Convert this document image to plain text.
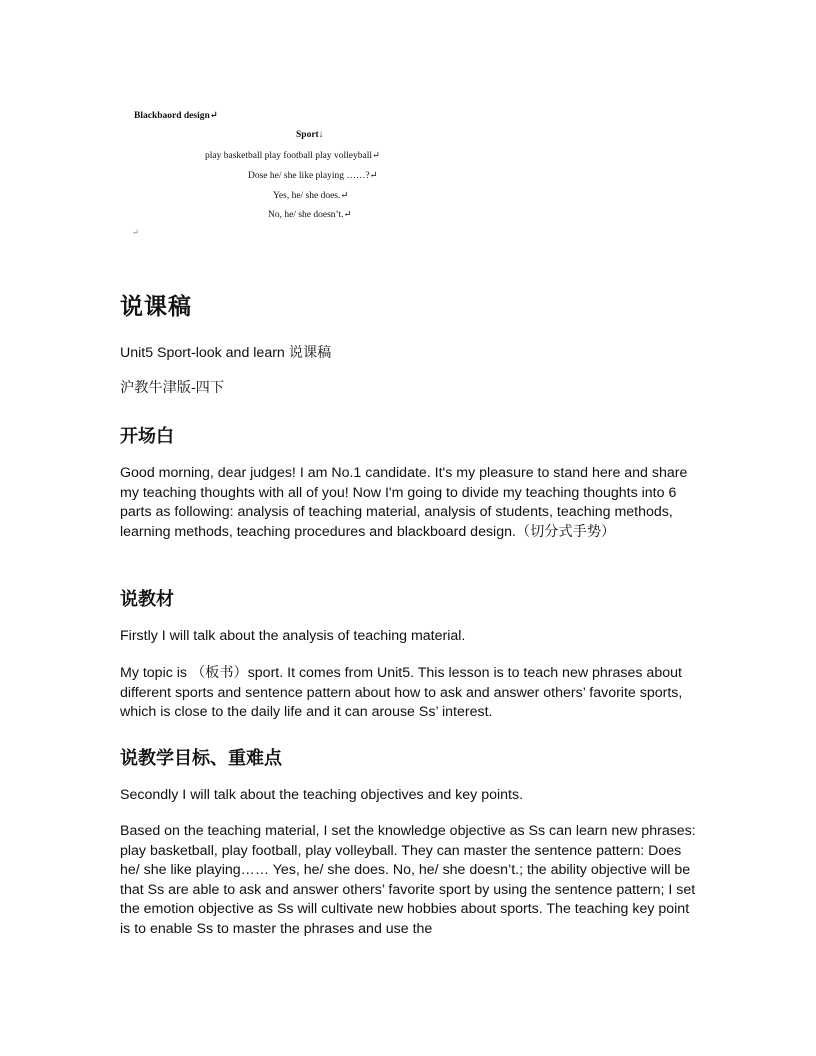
Blackbaord design↵
Sport↓
play basketball play football play volleyball↵
Dose he/ she like playing ……?↵
Yes, he/ she does.↵
No, he/ she doesn’t.↵
↵
说课稿
Unit5 Sport-look and learn 说课稿
沪教牛津版-四下
开场白
Good morning, dear judges! I am No.1 candidate. It's my pleasure to stand here and share my teaching thoughts with all of you! Now I'm going to divide my teaching thoughts into 6 parts as following: analysis of teaching material, analysis of students, teaching methods, learning methods, teaching procedures and blackboard design.（切分式手势）
说教材
Firstly I will talk about the analysis of teaching material.
My topic is （板书）sport. It comes from Unit5. This lesson is to teach new phrases about different sports and sentence pattern about how to ask and answer others’ favorite sports, which is close to the daily life and it can arouse Ss’ interest.
说教学目标、重难点
Secondly I will talk about the teaching objectives and key points.
Based on the teaching material, I set the knowledge objective as Ss can learn new phrases: play basketball, play football, play volleyball. They can master the sentence pattern: Does he/ she like playing…… Yes, he/ she does. No, he/ she doesn’t.; the ability objective will be that Ss are able to ask and answer others’ favorite sport by using the sentence pattern; I set the emotion objective as Ss will cultivate new hobbies about sports. The teaching key point is to enable Ss to master the phrases and use the
